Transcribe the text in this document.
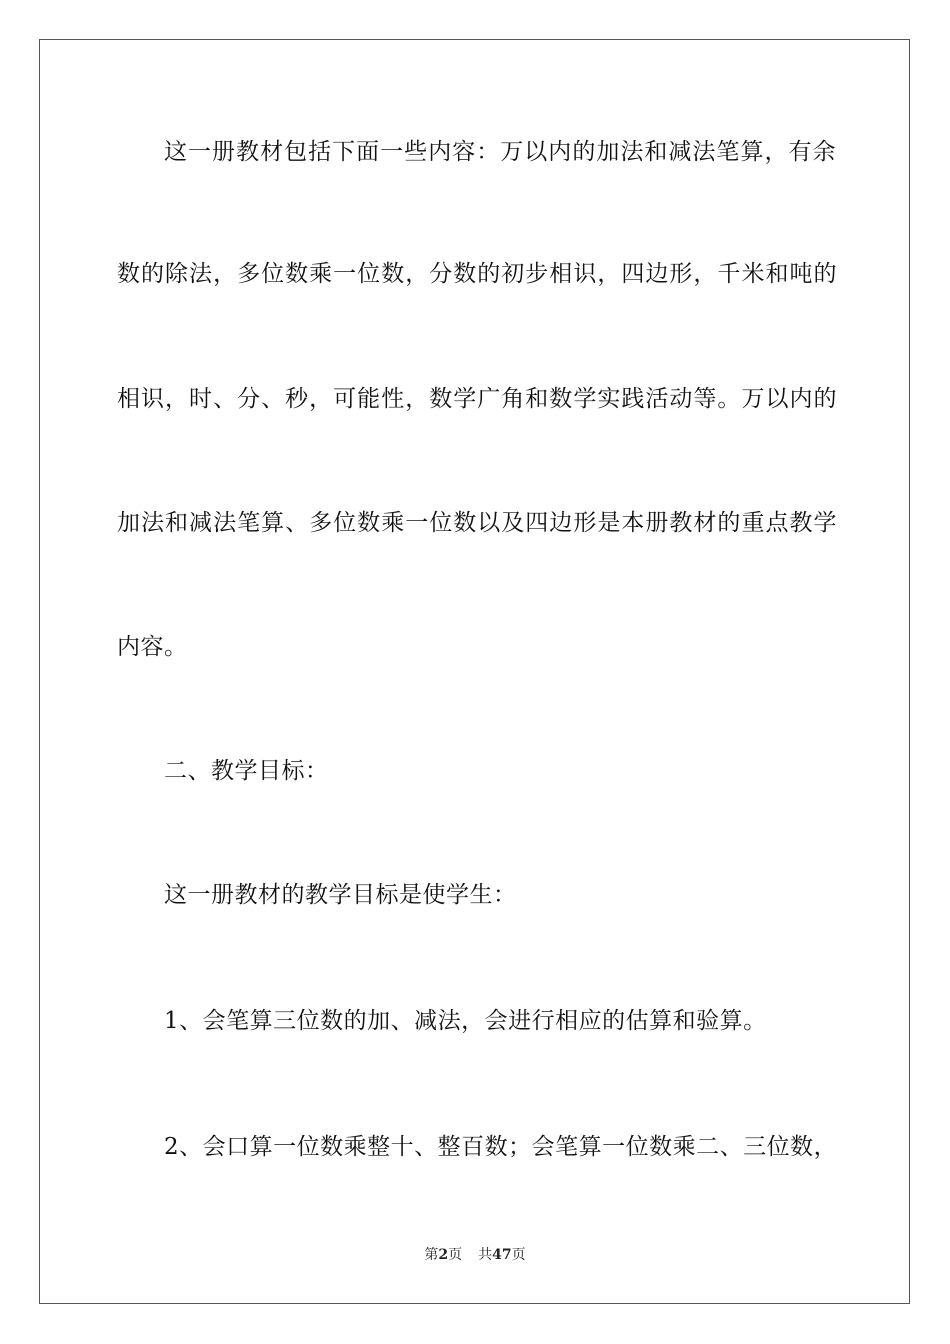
这一册教材包括下面一些内容：万以内的加法和减法笔算，有余
数的除法，多位数乘一位数，分数的初步相识，四边形，千米和吨的
相识，时、分、秒，可能性，数学广角和数学实践活动等。万以内的
加法和减法笔算、多位数乘一位数以及四边形是本册教材的重点教学
内容。
二、教学目标：
这一册教材的教学目标是使学生：
1、会笔算三位数的加、减法，会进行相应的估算和验算。
2、会口算一位数乘整十、整百数；会笔算一位数乘二、三位数，
第2页 共47页
